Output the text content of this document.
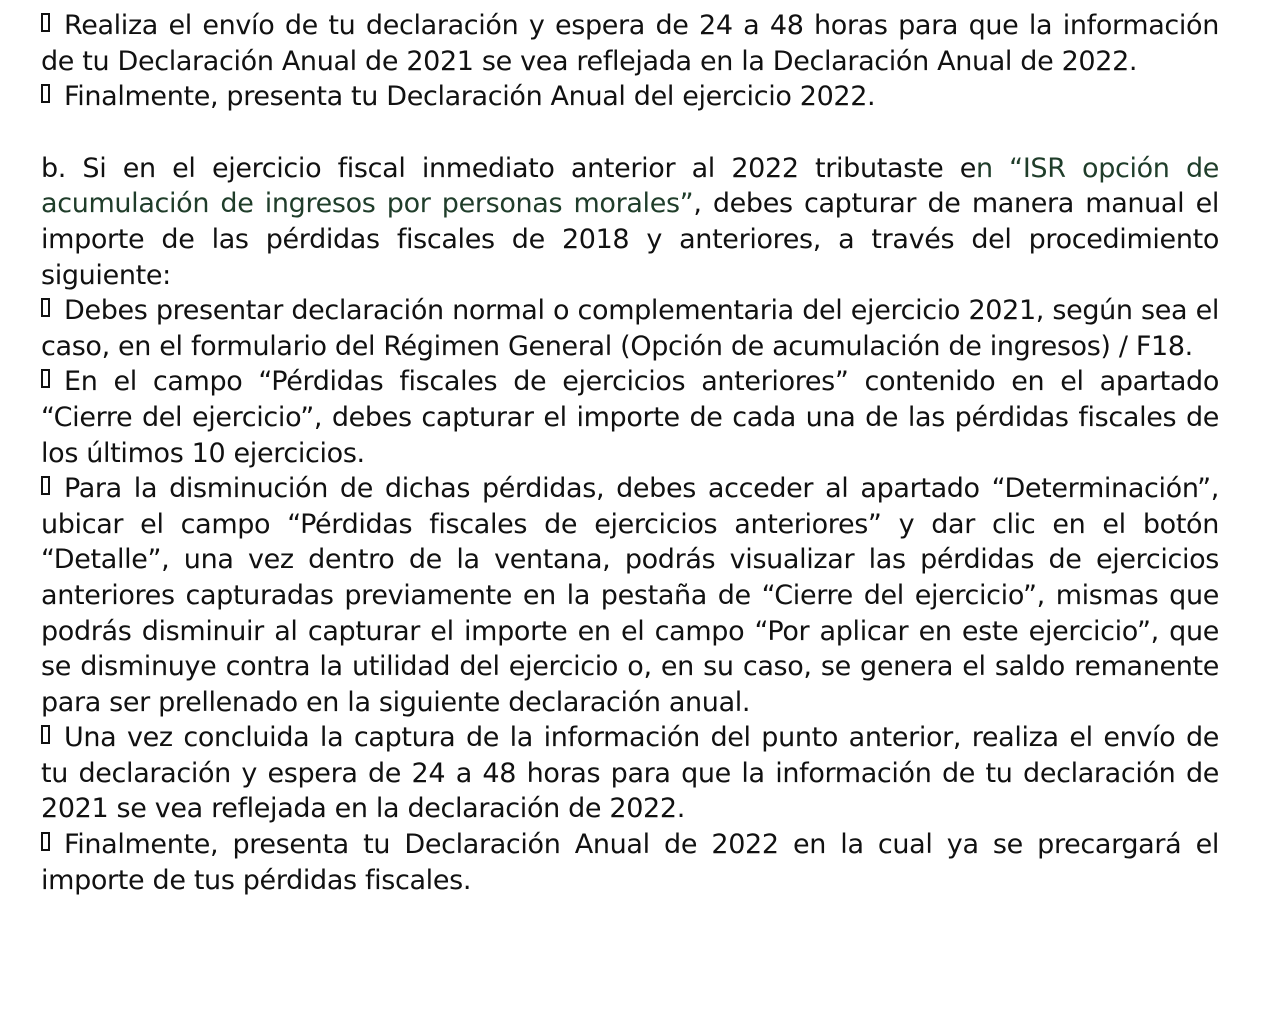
Realiza el envío de tu declaración y espera de 24 a 48 horas para que la información de tu Declaración Anual de 2021 se vea reflejada en la Declaración Anual de 2022.

Finalmente, presenta tu Declaración Anual del ejercicio 2022.

b. Si en el ejercicio fiscal inmediato anterior al 2022 tributaste en “ISR opción de acumulación de ingresos por personas morales”, debes capturar de manera manual el importe de las pérdidas fiscales de 2018 y anteriores, a través del procedimiento siguiente:

Debes presentar declaración normal o complementaria del ejercicio 2021, según sea el caso, en el formulario del Régimen General (Opción de acumulación de ingresos) / F18.

En el campo “Pérdidas fiscales de ejercicios anteriores” contenido en el apartado “Cierre del ejercicio”, debes capturar el importe de cada una de las pérdidas fiscales de los últimos 10 ejercicios.

Para la disminución de dichas pérdidas, debes acceder al apartado “Determinación”, ubicar el campo “Pérdidas fiscales de ejercicios anteriores” y dar clic en el botón “Detalle”, una vez dentro de la ventana, podrás visualizar las pérdidas de ejercicios anteriores capturadas previamente en la pestaña de “Cierre del ejercicio”, mismas que podrás disminuir al capturar el importe en el campo “Por aplicar en este ejercicio”, que se disminuye contra la utilidad del ejercicio o, en su caso, se genera el saldo remanente para ser prellenado en la siguiente declaración anual.

Una vez concluida la captura de la información del punto anterior, realiza el envío de tu declaración y espera de 24 a 48 horas para que la información de tu declaración de 2021 se vea reflejada en la declaración de 2022.

Finalmente, presenta tu Declaración Anual de 2022 en la cual ya se precargará el importe de tus pérdidas fiscales.
